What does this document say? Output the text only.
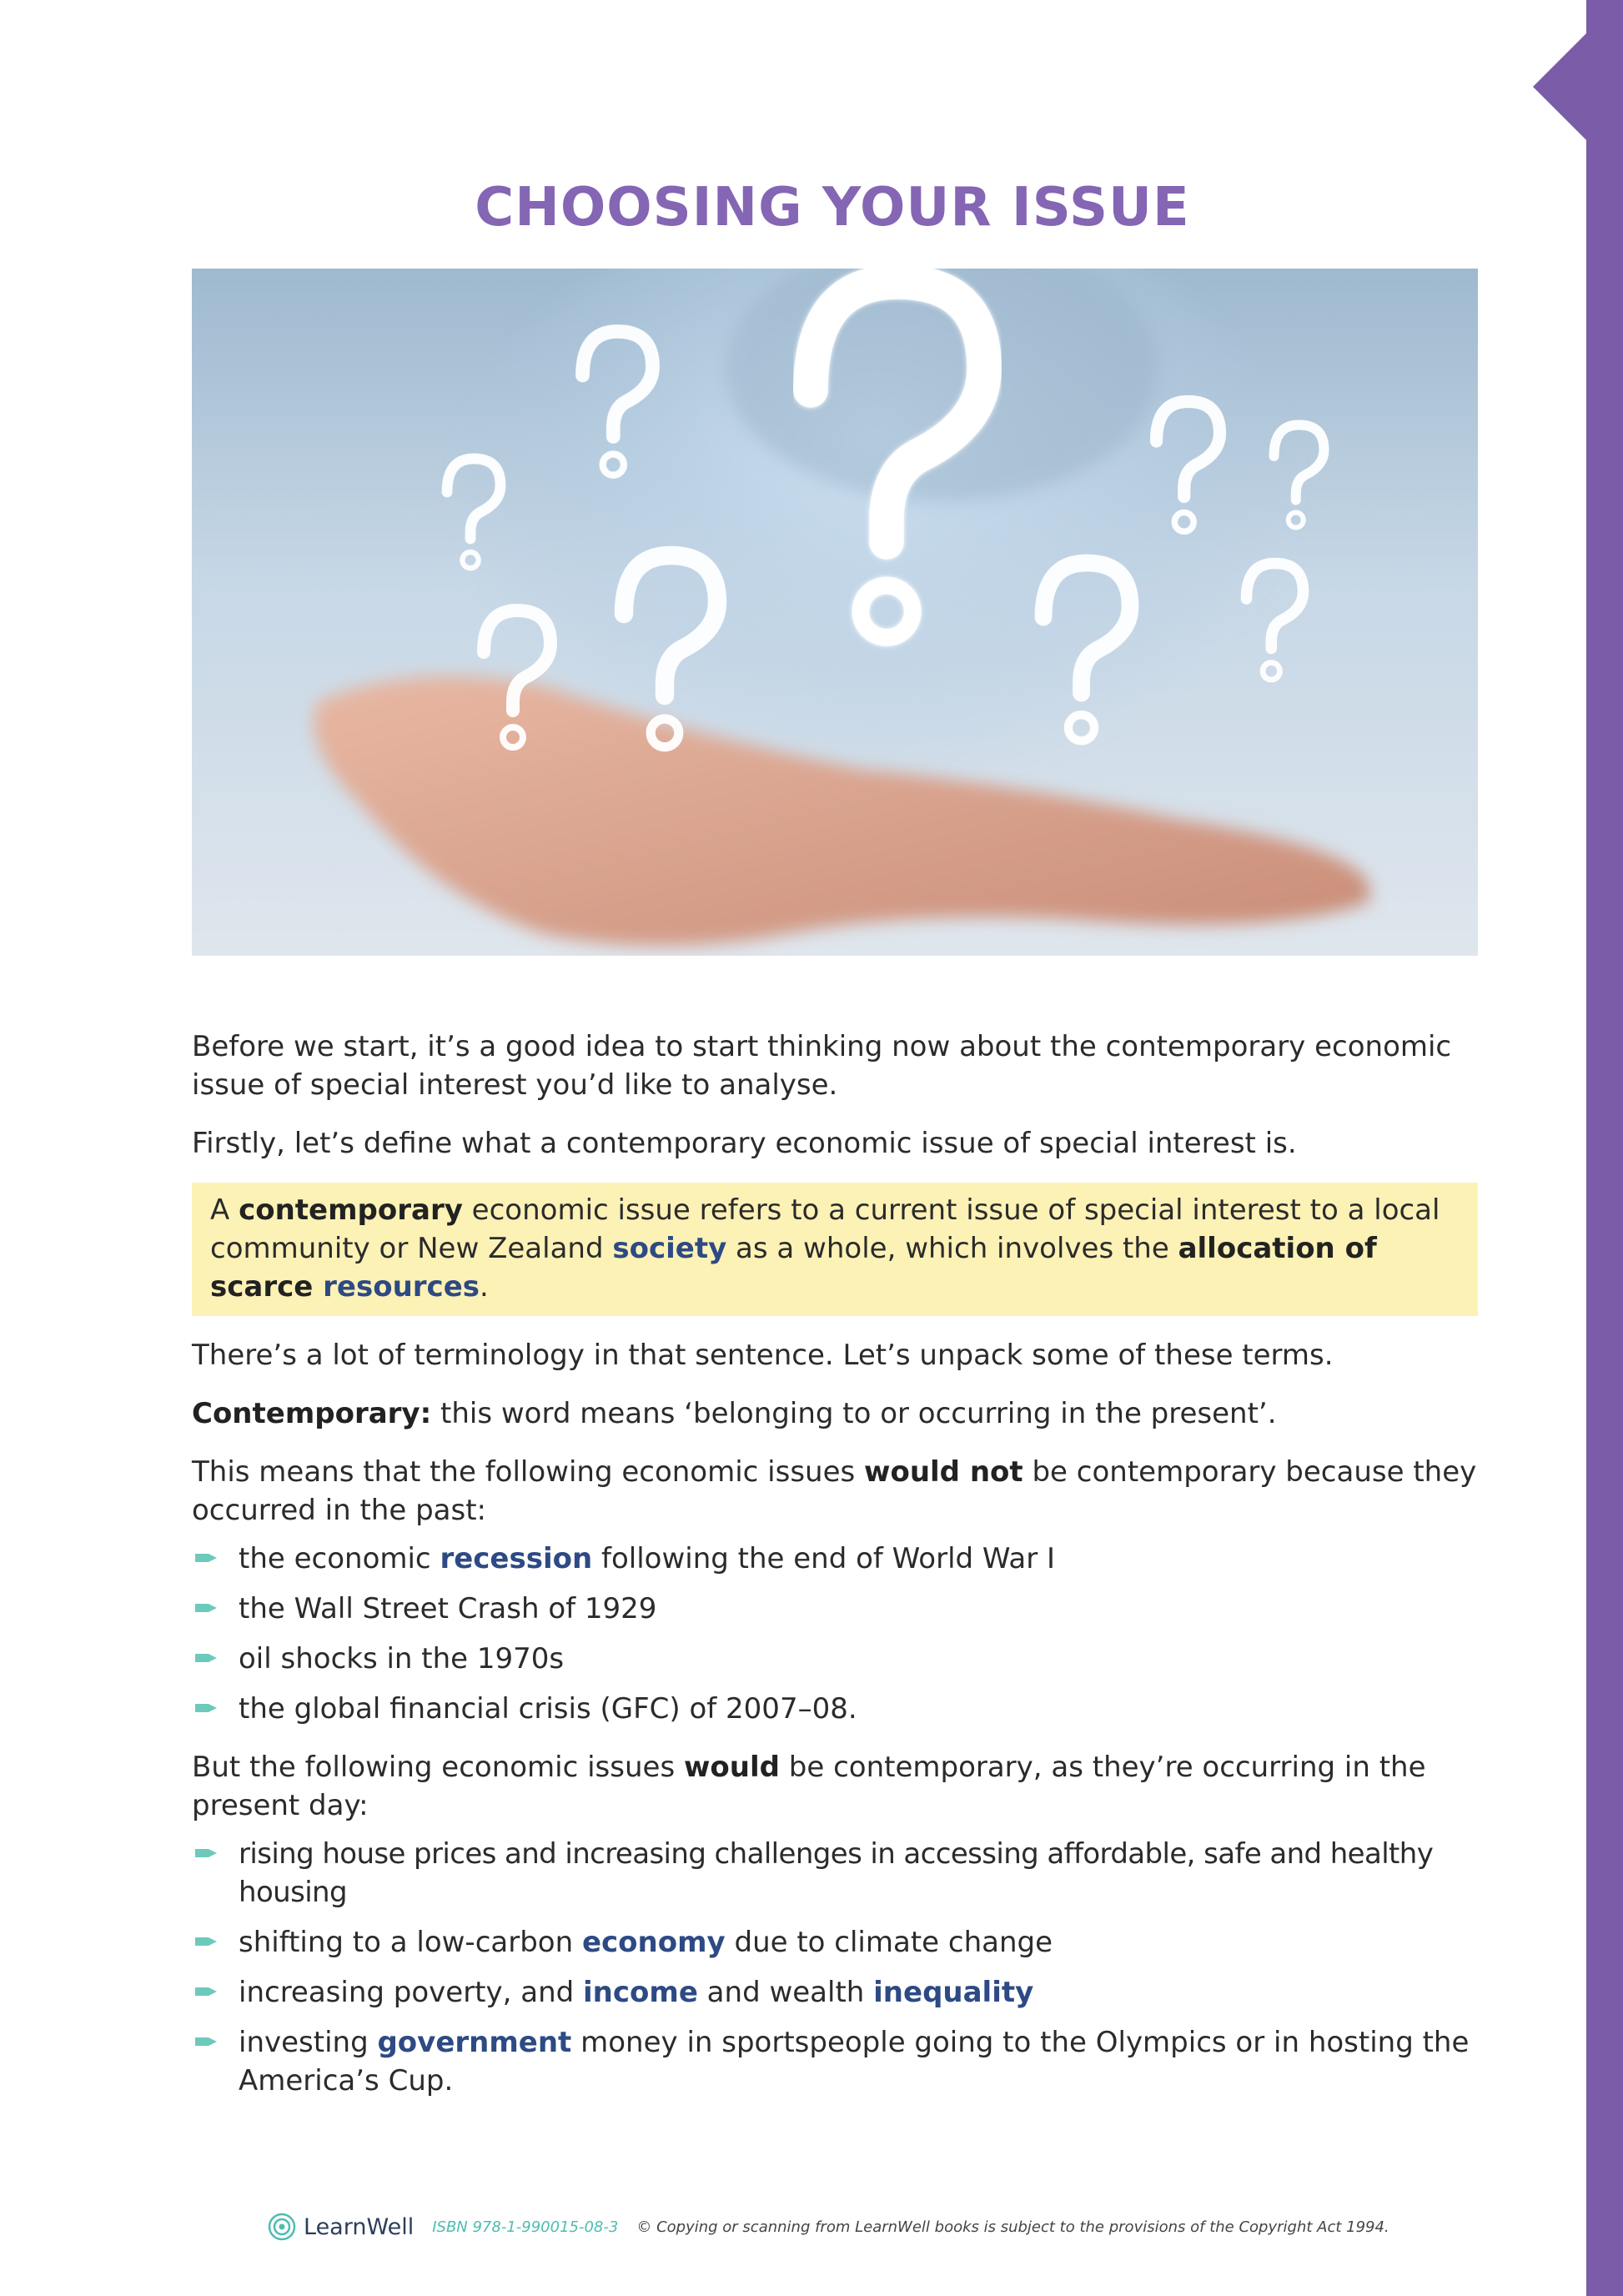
CHOOSING YOUR ISSUE

Before we start, it’s a good idea to start thinking now about the contemporary economic issue of special interest you’d like to analyse.

Firstly, let’s define what a contemporary economic issue of special interest is.

A contemporary economic issue refers to a current issue of special interest to a local community or New Zealand society as a whole, which involves the allocation of scarce resources.

There’s a lot of terminology in that sentence. Let’s unpack some of these terms.

Contemporary: this word means ‘belonging to or occurring in the present’.

This means that the following economic issues would not be contemporary because they occurred in the past:

the economic recession following the end of World War I
the Wall Street Crash of 1929
oil shocks in the 1970s
the global financial crisis (GFC) of 2007–08.

But the following economic issues would be contemporary, as they’re occurring in the present day:

rising house prices and increasing challenges in accessing affordable, safe and healthy housing
shifting to a low-carbon economy due to climate change
increasing poverty, and income and wealth inequality
investing government money in sportspeople going to the Olympics or in hosting the America’s Cup.
LearnWell ISBN 978-1-990015-08-3 © Copying or scanning from LearnWell books is subject to the provisions of the Copyright Act 1994.
